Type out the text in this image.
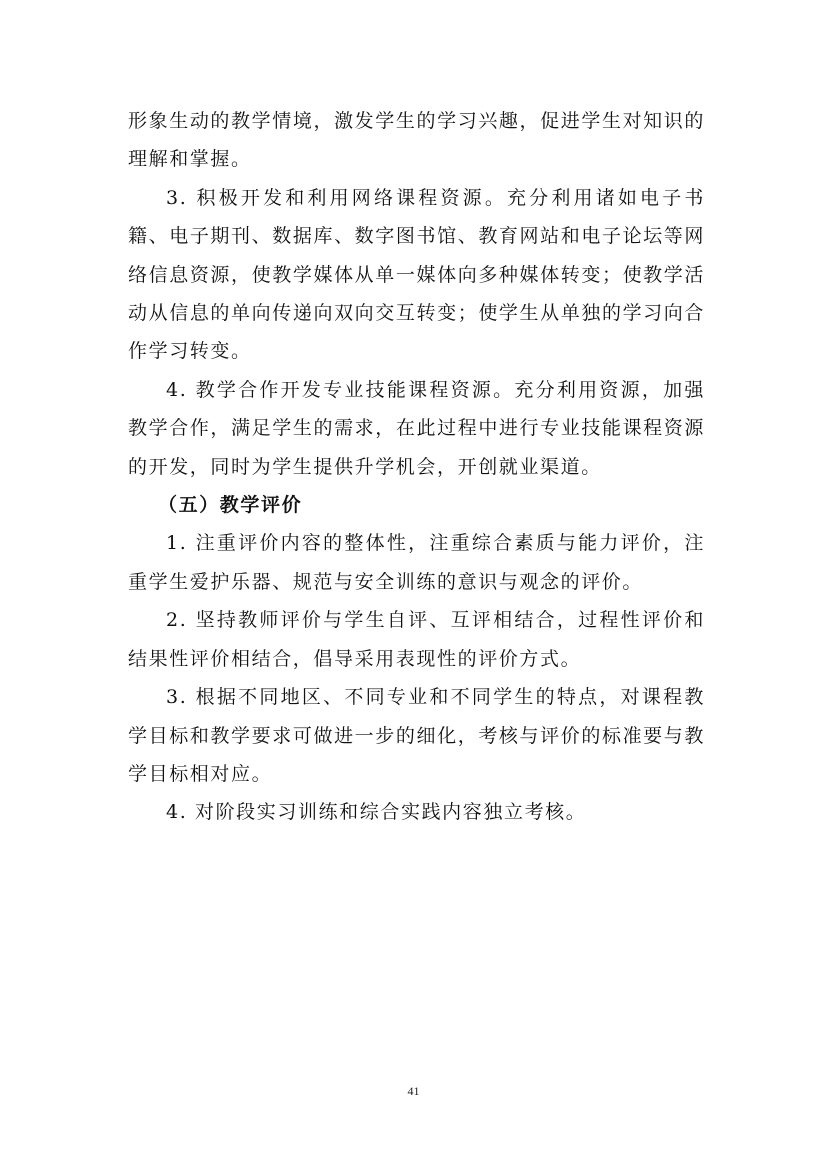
形象生动的教学情境，激发学生的学习兴趣，促进学生对知识的理解和掌握。

3. 积极开发和利用网络课程资源。充分利用诸如电子书籍、电子期刊、数据库、数字图书馆、教育网站和电子论坛等网络信息资源，使教学媒体从单一媒体向多种媒体转变；使教学活动从信息的单向传递向双向交互转变；使学生从单独的学习向合作学习转变。

4. 教学合作开发专业技能课程资源。充分利用资源，加强教学合作，满足学生的需求，在此过程中进行专业技能课程资源的开发，同时为学生提供升学机会，开创就业渠道。

（五）教学评价

1. 注重评价内容的整体性，注重综合素质与能力评价，注重学生爱护乐器、规范与安全训练的意识与观念的评价。

2. 坚持教师评价与学生自评、互评相结合，过程性评价和结果性评价相结合，倡导采用表现性的评价方式。

3. 根据不同地区、不同专业和不同学生的特点，对课程教学目标和教学要求可做进一步的细化，考核与评价的标准要与教学目标相对应。

4. 对阶段实习训练和综合实践内容独立考核。

41
